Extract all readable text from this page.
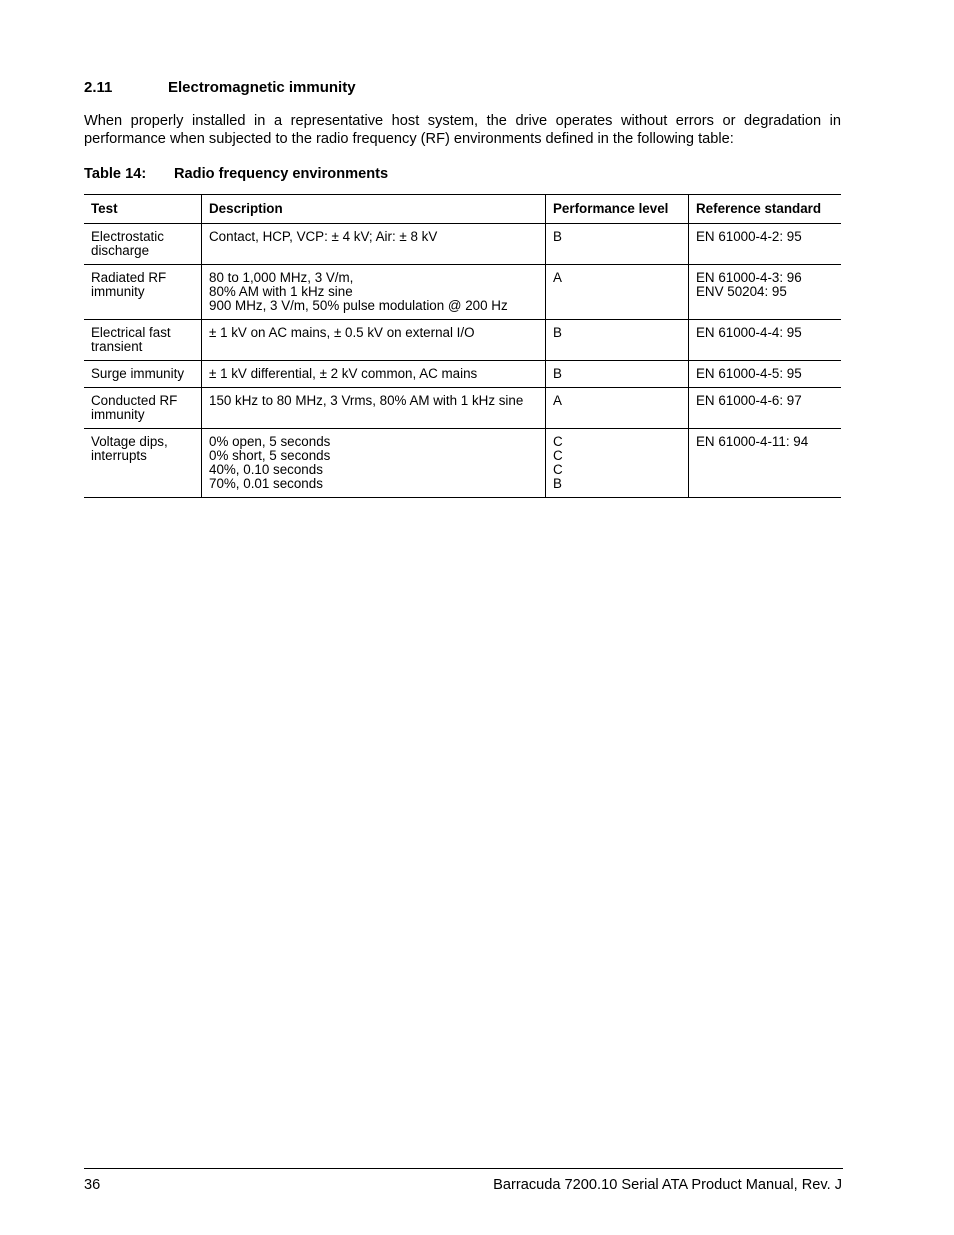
2.11	Electromagnetic immunity

When properly installed in a representative host system, the drive operates without errors or degradation in performance when subjected to the radio frequency (RF) environments defined in the following table:

Table 14: Radio frequency environments
Test	Description	Performance level	Reference standard

Electrostatic
discharge	Contact, HCP, VCP: ± 4 kV; Air: ± 8 kV	B	EN 61000-4-2: 95

Radiated RF
immunity	80 to 1,000 MHz, 3 V/m,
80% AM with 1 kHz sine
900 MHz, 3 V/m, 50% pulse modulation @ 200 Hz	A	EN 61000-4-3: 96
ENV 50204: 95

Electrical fast
transient	± 1 kV on AC mains, ± 0.5 kV on external I/O	B	EN 61000-4-4: 95

Surge immunity	± 1 kV differential, ± 2 kV common, AC mains	B	EN 61000-4-5: 95

Conducted RF
immunity	150 kHz to 80 MHz, 3 Vrms, 80% AM with 1 kHz sine	A	EN 61000-4-6: 97

Voltage dips,
interrupts	0% open, 5 seconds
0% short, 5 seconds
40%, 0.10 seconds
70%, 0.01 seconds	C
C
C
B	EN 61000-4-11: 94
36	Barracuda 7200.10 Serial ATA Product Manual, Rev. J
